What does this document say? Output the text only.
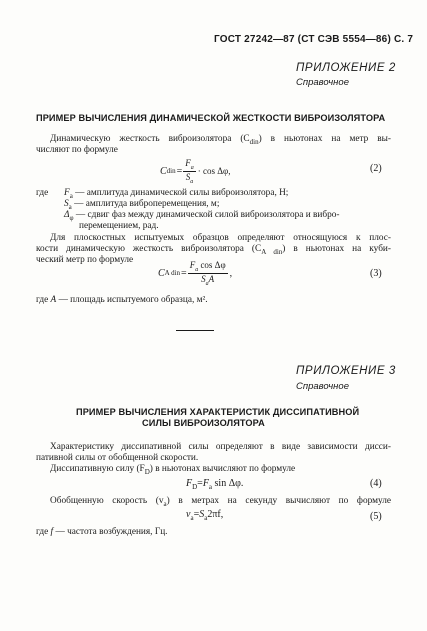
ГОСТ 27242—87 (СТ СЭВ 5554—86) С. 7
ПРИЛОЖЕНИЕ 2
Справочное
ПРИМЕР ВЫЧИСЛЕНИЯ ДИНАМИЧЕСКОЙ ЖЕСТКОСТИ ВИБРОИЗОЛЯТОРА
Динамическую жесткость виброизолятора $(C_{din})$ в ньютонах на метр вы-
числяют по формуле
C din = $\frac{F_a}{S_a} \cdot \cos \Delta\varphi$,	(2)
где $F_a$ — амплитуда динамической силы виброизолятора, Н;
$S_a$ — амплитуда виброперемещения, м;
$\Delta_\varphi$ — сдвиг фаз между динамической силой виброизолятора и вибро-
перемещением, рад.
Для плоскостных испытуемых образцов определяют относящуюся к плос-
кости динамическую жесткость виброизолятора $(C_{A din})$ в ньютонах на куби-
ческий метр по формуле
C A din = $\frac{F_a \cos \Delta\varphi}{S_aA}$ ,	(3)
где A — площадь испытуемого образца, м².
ПРИЛОЖЕНИЕ 3
Справочное
ПРИМЕР ВЫЧИСЛЕНИЯ ХАРАКТЕРИСТИК ДИССИПАТИВНОЙ
СИЛЫ ВИБРОИЗОЛЯТОРА
Характеристику диссипативной силы определяют в виде зависимости дисси-
пативной силы от обобщенной скорости.
Диссипативную силу $(F_D)$ в ньютонах вычисляют по формуле
$F_D=F_a$ sin Δφ.	(4)
Обобщенную скорость $(v_a)$ в метрах на секунду вычисляют по формуле
$v_a=S_a2\pi f$,	(5)
где f — частота возбуждения, Гц.
